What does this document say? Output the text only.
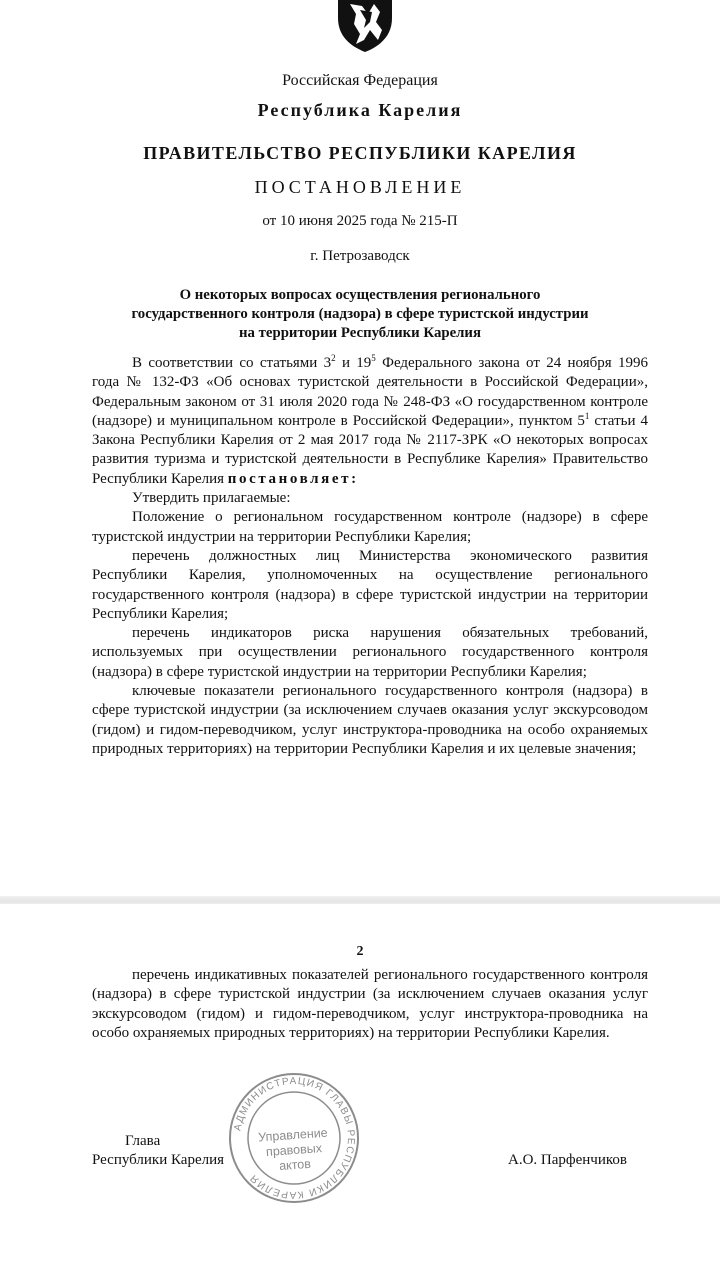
Российская Федерация
Республика Карелия
ПРАВИТЕЛЬСТВО РЕСПУБЛИКИ КАРЕЛИЯ
ПОСТАНОВЛЕНИЕ
от 10 июня 2025 года № 215-П
г. Петрозаводск
О некоторых вопросах осуществления регионального
государственного контроля (надзора) в сфере туристской индустрии
на территории Республики Карелия

В соответствии со статьями $3^2$ и $19^5$ Федерального закона от 24 ноября 1996 года № 132-ФЗ «Об основах туристской деятельности в Российской Федерации», Федеральным законом от 31 июля 2020 года № 248-ФЗ «О государственном контроле (надзоре) и муниципальном контроле в Российской Федерации», пунктом $5^1$ статьи 4 Закона Республики Карелия от 2 мая 2017 года № 2117-ЗРК «О некоторых вопросах развития туризма и туристской деятельности в Республике Карелия» Правительство Республики Карелия постановляет:

Утвердить прилагаемые:

Положение о региональном государственном контроле (надзоре) в сфере туристской индустрии на территории Республики Карелия;

перечень должностных лиц Министерства экономического развития Республики Карелия, уполномоченных на осуществление регионального государственного контроля (надзора) в сфере туристской индустрии на территории Республики Карелия;

перечень индикаторов риска нарушения обязательных требований, используемых при осуществлении регионального государственного контроля (надзора) в сфере туристской индустрии на территории Республики Карелия;

ключевые показатели регионального государственного контроля (надзора) в сфере туристской индустрии (за исключением случаев оказания услуг экскурсоводом (гидом) и гидом-переводчиком, услуг инструктора-проводника на особо охраняемых природных территориях) на территории Республики Карелия и их целевые значения;

2

перечень индикативных показателей регионального государственного контроля (надзора) в сфере туристской индустрии (за исключением случаев оказания услуг экскурсоводом (гидом) и гидом-переводчиком, услуг инструктора-проводника на особо охраняемых природных территориях) на территории Республики Карелия.

АДМИНИСТРАЦИЯ ГЛАВЫ РЕСПУБЛИКИ КАРЕЛИЯ
Управление
правовых
актов
Глава
Республики Карелия	А.О. Парфенчиков
